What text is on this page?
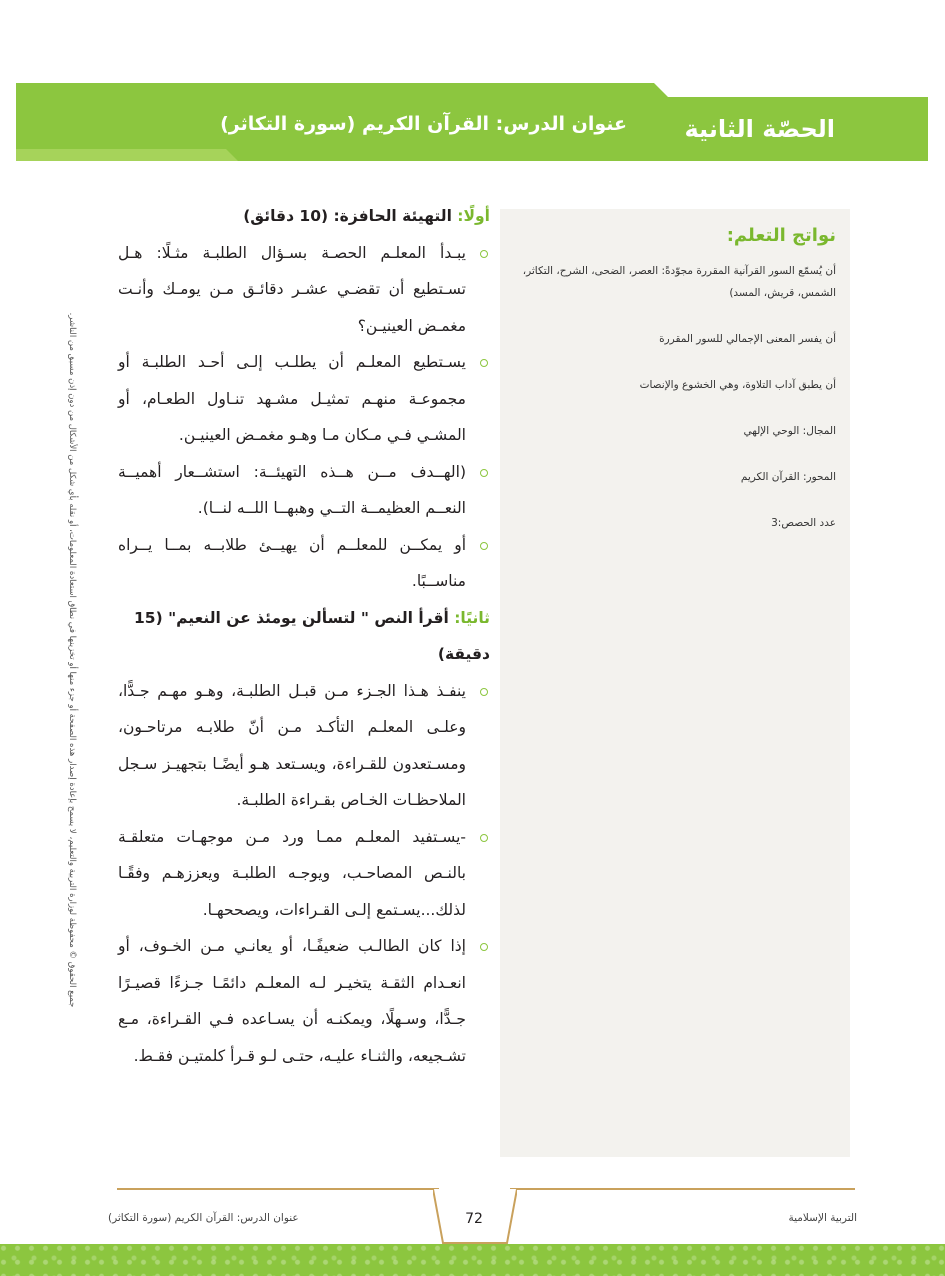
الحصّة الثانية
عنوان الدرس: القرآن الكريم (سورة التكاثر)
جميع الحقوق © محفوظة لوزارة التربية والتعليم، لا يسمح بإعادة إصدار هذه الصفحة أو جزء منها أو تخزينها في نطاق استعادة المعلومات، أو نقله بأي شكل من الأشكال من دون إذن مسبق من الناشر.
نواتج التعلم:

أن يُسمّع السور القرآنية المقررة مجوّدةً: العصر، الضحى، الشرح، التكاثر، الشمس، قريش، المسد)

أن يفسر المعنى الإجمالي للسور المقررة

أن يطبق آداب التلاوة، وهي الخشوع والإنصات

المجال: الوحي الإلهي

المحور: القرآن الكريم

عدد الحصص:3

أولًا: التهيئة الحافزة: (10 دقائق)
يبـدأ المعلـم الحصـة بسـؤال الطلبـة مثـلًا: هـل تسـتطيع أن تقضـي عشـر دقائـق مـن يومـك وأنـت مغمـض العينيـن؟
يسـتطيع المعلـم أن يطلـب إلـى أحـد الطلبـة أو مجموعـة منهـم تمثيـل مشـهد تنـاول الطعـام، أو المشـي فـي مـكان مـا وهـو مغمـض العينيـن.
(الهــدف مــن هــذه التهيئــة: استشــعار أهميــة النعــم العظيمــة التــي وهبهــا اللــه لنــا).
أو يمكــن للمعلــم أن يهيــئ طلابــه بمــا يــراه مناســبًا.
ثانيًا: أقرأ النص " لتسألن يومئذ عن النعيم" (15 دقيقة)
ينفـذ هـذا الجـزء مـن قبـل الطلبـة، وهـو مهـم جـدًّا، وعلـى المعلـم التأكـد مـن أنّ طلابـه مرتاحـون، ومسـتعدون للقـراءة، ويسـتعد هـو أيضًـا بتجهيـز سـجل الملاحظـات الخـاص بقـراءة الطلبـة.
-يسـتفيد المعلـم ممـا ورد مـن موجهـات متعلقـة بالنـص المصاحـب، ويوجـه الطلبـة ويعززهـم وفقًـا لذلك...يسـتمع إلـى القـراءات، ويصححهـا.
إذا كان الطالـب ضعيفًـا، أو يعانـي مـن الخـوف، أو انعـدام الثقـة يتخيـر لـه المعلـم دائمًـا جـزءًا قصيـرًا جـدًّا، وسـهلًا، ويمكنـه أن يسـاعده فـي القـراءة، مـع تشـجيعه، والثنـاء عليـه، حتـى لـو قـرأ كلمتيـن فقـط.
72	التربية الإسلامية
عنوان الدرس: القرآن الكريم (سورة التكاثر)
